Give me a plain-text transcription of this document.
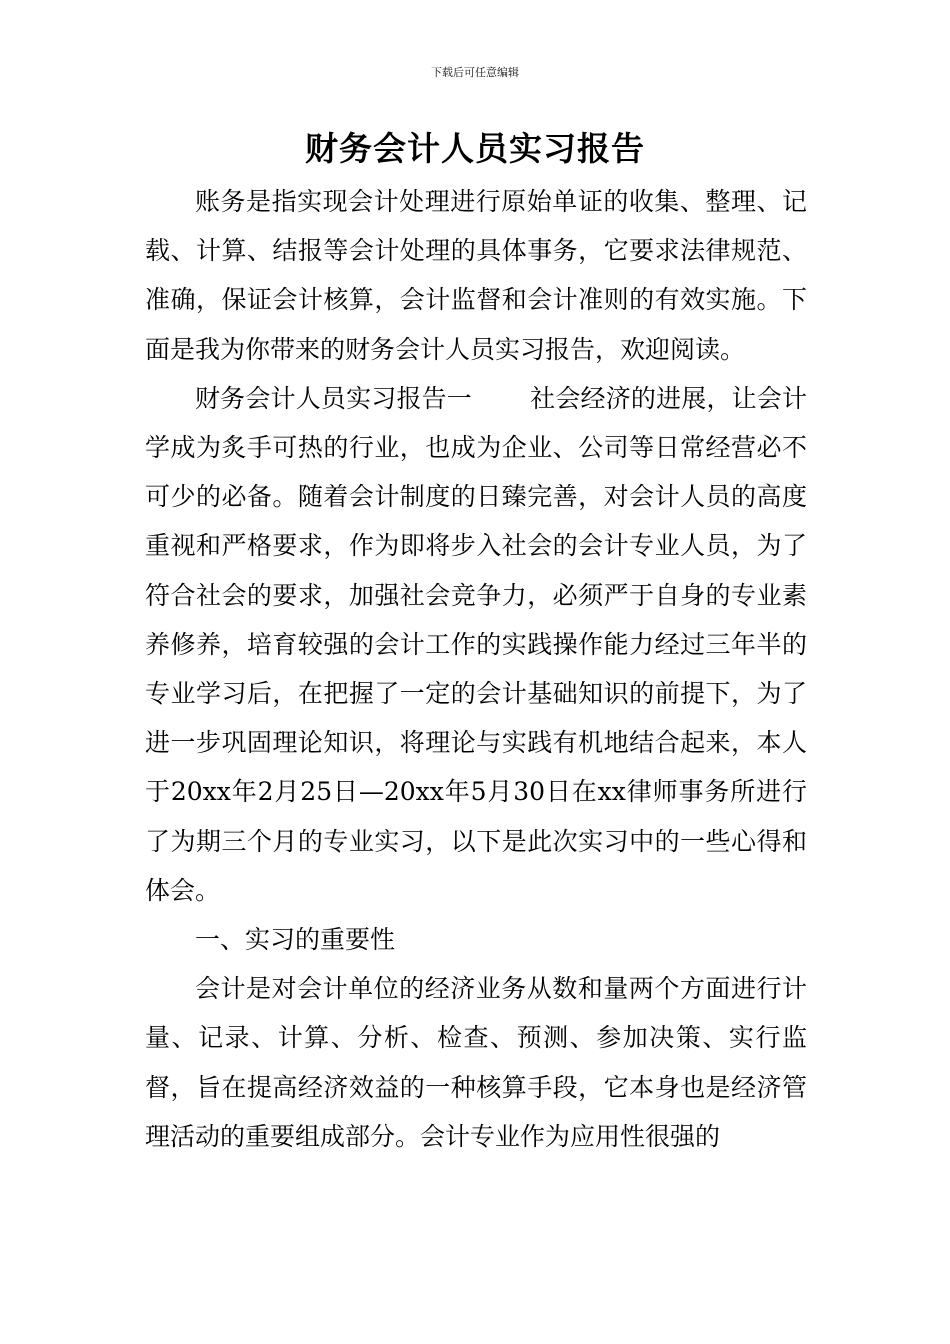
下载后可任意编辑
财务会计人员实习报告

账务是指实现会计处理进行原始单证的收集、整理、记载、计算、结报等会计处理的具体事务，它要求法律规范、准确，保证会计核算，会计监督和会计准则的有效实施。下面是我为你带来的财务会计人员实习报告，欢迎阅读。

财务会计人员实习报告一 社会经济的进展，让会计学成为炙手可热的行业，也成为企业、公司等日常经营必不可少的必备。随着会计制度的日臻完善，对会计人员的高度重视和严格要求，作为即将步入社会的会计专业人员，为了符合社会的要求，加强社会竞争力，必须严于自身的专业素养修养，培育较强的会计工作的实践操作能力经过三年半的专业学习后，在把握了一定的会计基础知识的前提下，为了进一步巩固理论知识，将理论与实践有机地结合起来，本人于20xx年2月25日—20xx年5月30日在xx律师事务所进行了为期三个月的专业实习，以下是此次实习中的一些心得和体会。

一、实习的重要性

会计是对会计单位的经济业务从数和量两个方面进行计量、记录、计算、分析、检查、预测、参加决策、实行监督，旨在提高经济效益的一种核算手段，它本身也是经济管理活动的重要组成部分。会计专业作为应用性很强的
